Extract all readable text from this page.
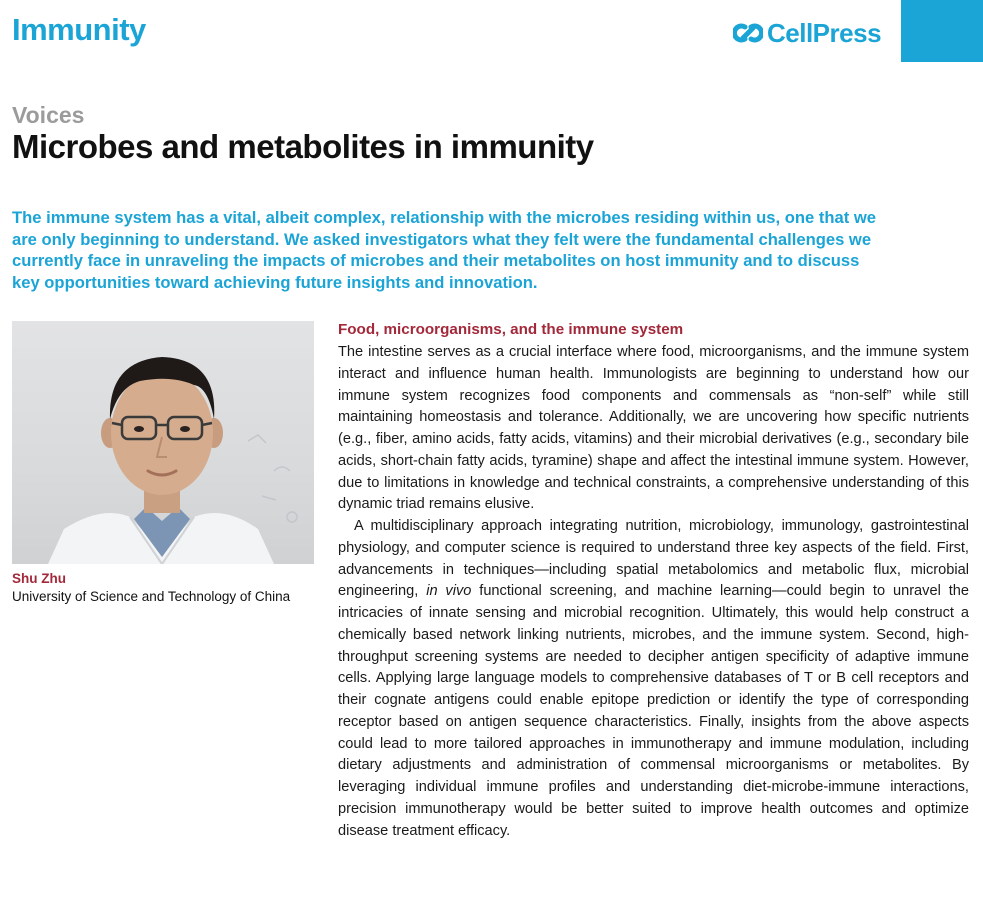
Immunity	CellPress
Voices
Microbes and metabolites in immunity
The immune system has a vital, albeit complex, relationship with the microbes residing within us, one that we are only beginning to understand. We asked investigators what they felt were the fundamental challenges we currently face in unraveling the impacts of microbes and their metabolites on host immunity and to discuss key opportunities toward achieving future insights and innovation.
Shu Zhu
University of Science and Technology of China
Food, microorganisms, and the immune system

The intestine serves as a crucial interface where food, microorganisms, and the immune system interact and influence human health. Immunologists are beginning to understand how our immune system recognizes food components and commensals as “non-self” while still maintaining homeostasis and tolerance. Additionally, we are uncovering how specific nutrients (e.g., fiber, amino acids, fatty acids, vitamins) and their microbial derivatives (e.g., secondary bile acids, short-chain fatty acids, tyramine) shape and affect the intestinal immune system. However, due to limitations in knowledge and technical constraints, a comprehensive understanding of this dynamic triad remains elusive.

A multidisciplinary approach integrating nutrition, microbiology, immunology, gastrointestinal physiology, and computer science is required to understand three key aspects of the field. First, advancements in techniques—including spatial metabolomics and metabolic flux, microbial engineering, in vivo functional screening, and machine learning—could begin to unravel the intricacies of innate sensing and microbial recognition. Ultimately, this would help construct a chemically based network linking nutrients, microbes, and the immune system. Second, high-throughput screening systems are needed to decipher antigen specificity of adaptive immune cells. Applying large language models to comprehensive databases of T or B cell receptors and their cognate antigens could enable epitope prediction or identify the type of corresponding receptor based on antigen sequence characteristics. Finally, insights from the above aspects could lead to more tailored approaches in immunotherapy and immune modulation, including dietary adjustments and administration of commensal microorganisms or metabolites. By leveraging individual immune profiles and understanding diet-microbe-immune interactions, precision immunotherapy would be better suited to improve health outcomes and optimize disease treatment efficacy.
